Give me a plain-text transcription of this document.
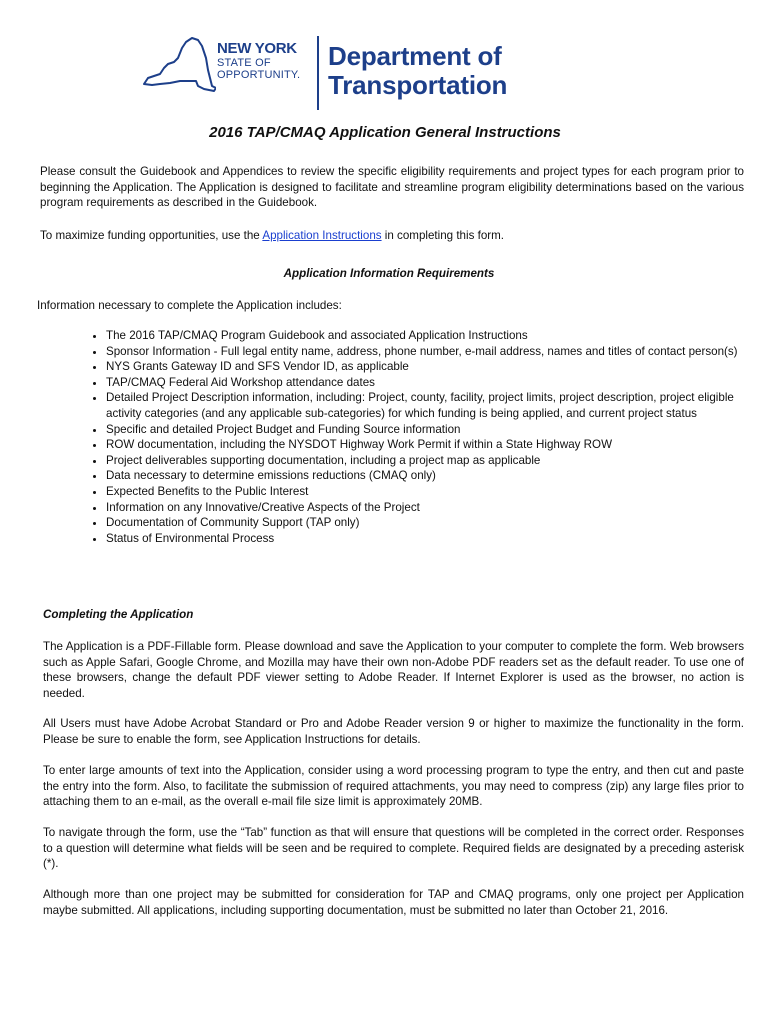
NEW YORK
STATE OF
OPPORTUNITY.
Department of
Transportation
2016 TAP/CMAQ Application General Instructions
Please consult the Guidebook and Appendices to review the specific eligibility requirements and project types for each program prior to beginning the Application. The Application is designed to facilitate and streamline program eligibility determinations based on the various program requirements as described in the Guidebook.
To maximize funding opportunities, use the Application Instructions in completing this form.
Application Information Requirements
Information necessary to complete the Application includes:
• The 2016 TAP/CMAQ Program Guidebook and associated Application Instructions
• Sponsor Information - Full legal entity name, address, phone number, e-mail address, names and titles of contact person(s)
• NYS Grants Gateway ID and SFS Vendor ID, as applicable
• TAP/CMAQ Federal Aid Workshop attendance dates
• Detailed Project Description information, including: Project, county, facility, project limits, project description, project eligible activity categories (and any applicable sub-categories) for which funding is being applied, and current project status
• Specific and detailed Project Budget and Funding Source information
• ROW documentation, including the NYSDOT Highway Work Permit if within a State Highway ROW
• Project deliverables supporting documentation, including a project map as applicable
• Data necessary to determine emissions reductions (CMAQ only)
• Expected Benefits to the Public Interest
• Information on any Innovative/Creative Aspects of the Project
• Documentation of Community Support (TAP only)
• Status of Environmental Process
Completing the Application
The Application is a PDF-Fillable form. Please download and save the Application to your computer to complete the form. Web browsers such as Apple Safari, Google Chrome, and Mozilla may have their own non-Adobe PDF readers set as the default reader. To use one of these browsers, change the default PDF viewer setting to Adobe Reader. If Internet Explorer is used as the browser, no action is needed.
All Users must have Adobe Acrobat Standard or Pro and Adobe Reader version 9 or higher to maximize the functionality in the form. Please be sure to enable the form, see Application Instructions for details.
To enter large amounts of text into the Application, consider using a word processing program to type the entry, and then cut and paste the entry into the form. Also, to facilitate the submission of required attachments, you may need to compress (zip) any large files prior to attaching them to an e-mail, as the overall e-mail file size limit is approximately 20MB.
To navigate through the form, use the “Tab” function as that will ensure that questions will be completed in the correct order. Responses to a question will determine what fields will be seen and be required to complete. Required fields are designated by a preceding asterisk (*).
Although more than one project may be submitted for consideration for TAP and CMAQ programs, only one project per Application maybe submitted. All applications, including supporting documentation, must be submitted no later than October 21, 2016.
